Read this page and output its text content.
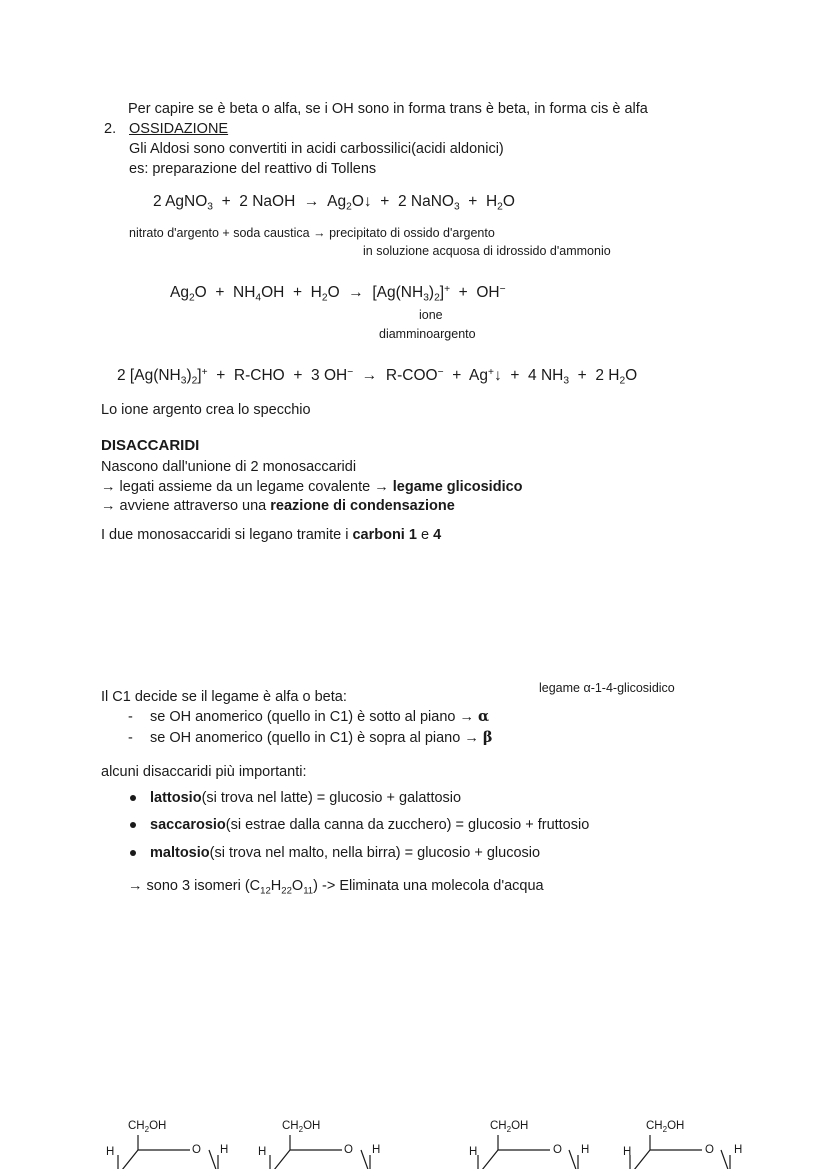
Per capire se è beta o alfa, se i OH sono in forma trans è beta, in forma cis è alfa
2. OSSIDAZIONE
Gli Aldosi sono convertiti in acidi carbossilici(acidi aldonici)
es: preparazione del reattivo di Tollens
2 AgNO$_3$ + 2 NaOH → $Ag_2O↓ + 2$ NaNO$_3$ + $H_2O$
nitrato d'argento + soda caustica → precipitato di ossido d'argento
in soluzione acquosa di idrossido d'ammonio
$Ag_2O + NH_4OH + H_2O \to [Ag(NH_3)_2]^+ + OH^-$
ione
diamminoargento
2 $[Ag(NH_3)_2]^+ + R-CHO + 3$ OH− → R-COO− + Ag+↓ + 4 $NH_3 + 2$ $H_2O$
Lo ione argento crea lo specchio
DISACCARIDI
Nascono dall'unione di 2 monosaccaridi
→ legati assieme da un legame covalente → legame glicosidico
→ avviene attraverso una reazione di condensazione
I due monosaccaridi si legano tramite i carboni 1 e 4
$CH_2OH$
H	O H
$CH_2OH$
H	O H
$CH_2OH$
H	O H
$CH_2OH$
H	O H
legame α-1-4-glicosidico
Il C1 decide se il legame è alfa o beta:
- se OH anomerico (quello in C1) è sotto al piano → α
- se OH anomerico (quello in C1) è sopra al piano → β
alcuni disaccaridi più importanti:
lattosio(si trova nel latte) = glucosio + galattosio
saccarosio(si estrae dalla canna da zucchero) = glucosio + fruttosio
maltosio(si trova nel malto, nella birra) = glucosio + glucosio
→ sono 3 isomeri $(C_{12}H_{22}O_{11})$ -> Eliminata una molecola d'acqua
